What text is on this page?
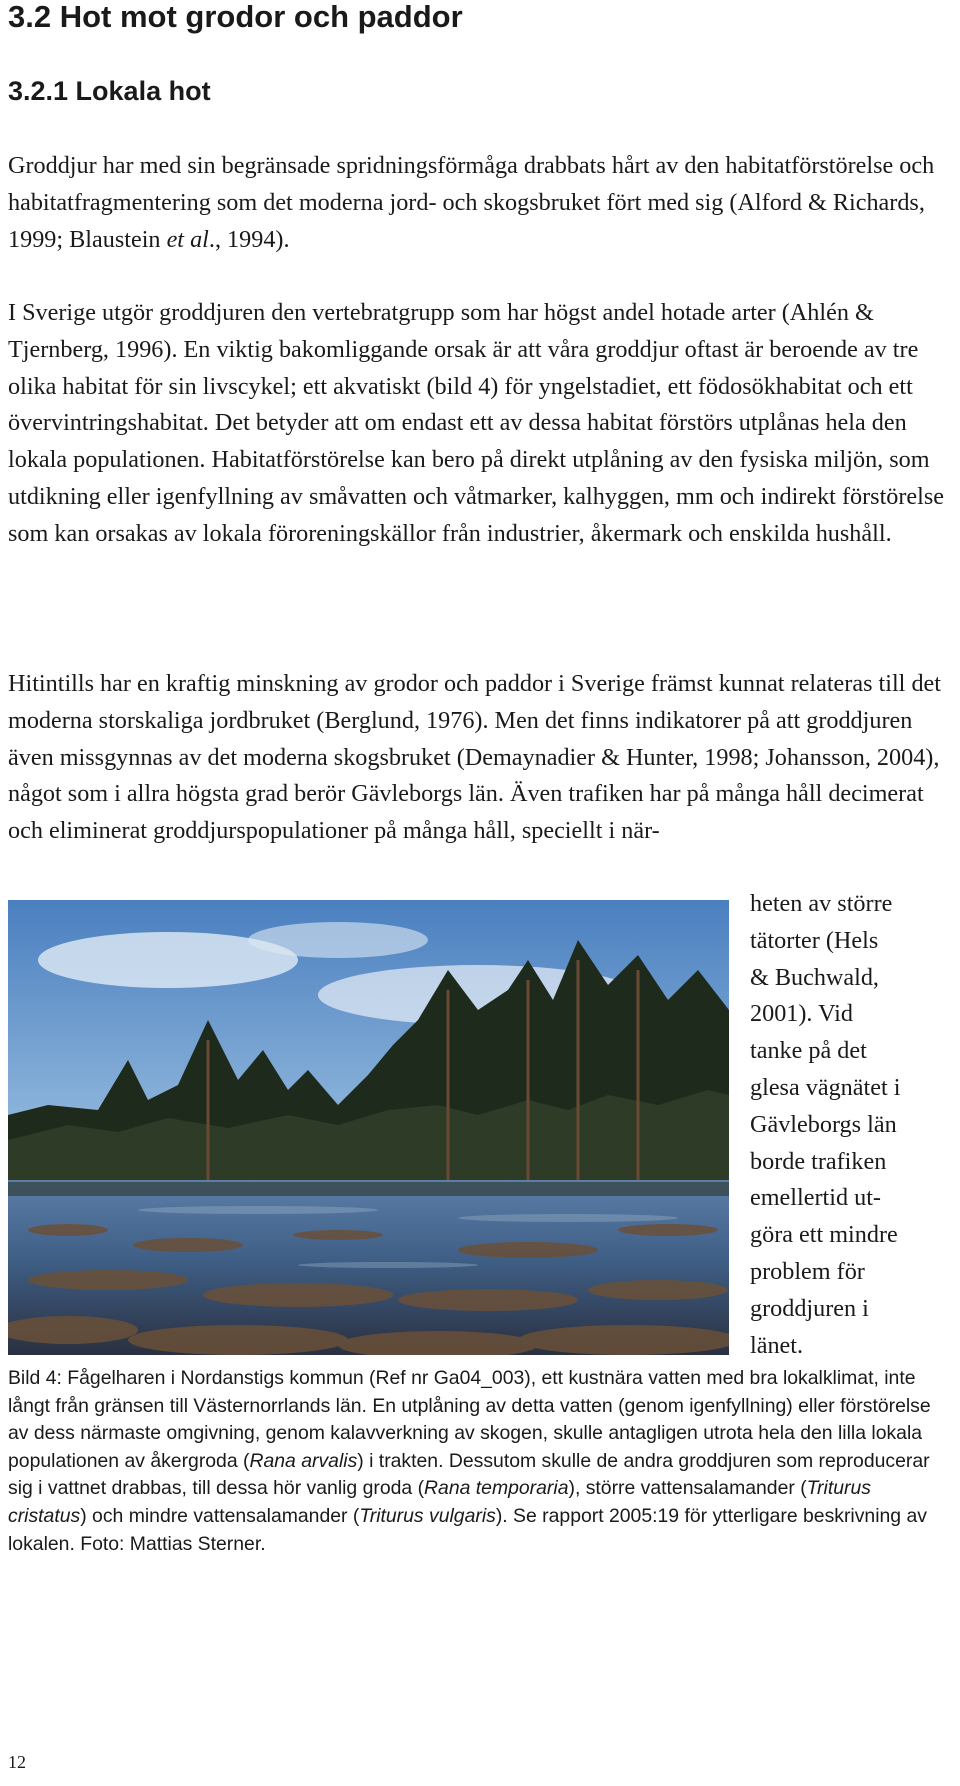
3.2 Hot mot grodor och paddor
3.2.1 Lokala hot

Groddjur har med sin begränsade spridningsförmåga drabbats hårt av den habitatförstörelse och habitatfragmentering som det moderna jord- och skogsbruket fört med sig (Alford & Richards, 1999; Blaustein et al., 1994).

I Sverige utgör groddjuren den vertebratgrupp som har högst andel hotade arter (Ahlén & Tjernberg, 1996). En viktig bakomliggande orsak är att våra groddjur oftast är beroende av tre olika habitat för sin livscykel; ett akvatiskt (bild 4) för yngelstadiet, ett födosökhabitat och ett övervintringshabitat. Det betyder att om endast ett av dessa habitat förstörs utplånas hela den lokala populationen. Habitatförstörelse kan bero på direkt utplåning av den fysiska miljön, som utdikning eller igenfyllning av småvatten och våtmarker, kalhyggen, mm och indirekt förstörelse som kan orsakas av lokala föroreningskällor från industrier, åkermark och enskilda hushåll.

Hitintills har en kraftig minskning av grodor och paddor i Sverige främst kunnat relateras till det moderna storskaliga jordbruket (Berglund, 1976). Men det finns indikatorer på att groddjuren även missgynnas av det moderna skogsbruket (Demaynadier & Hunter, 1998; Johansson, 2004), något som i allra högsta grad berör Gävleborgs län. Även trafiken har på många håll decimerat och eliminerat groddjurspopulationer på många håll, speciellt i när-

heten av större
tätorter (Hels
& Buchwald,
2001). Vid
tanke på det
glesa vägnätet i
Gävleborgs län
borde trafiken
emellertid ut-
göra ett mindre
problem för
groddjuren i
länet.

Bild 4: Fågelharen i Nordanstigs kommun (Ref nr Ga04_003), ett kustnära vatten med bra lokalklimat, inte långt från gränsen till Västernorrlands län. En utplåning av detta vatten (genom igenfyllning) eller förstörelse av dess närmaste omgivning, genom kalavverkning av skogen, skulle antagligen utrota hela den lilla lokala populationen av åkergroda (Rana arvalis) i trakten. Dessutom skulle de andra groddjuren som reproducerar sig i vattnet drabbas, till dessa hör vanlig groda (Rana temporaria), större vattensalamander (Triturus cristatus) och mindre vattensalamander (Triturus vulgaris). Se rapport 2005:19 för ytterligare beskrivning av lokalen. Foto: Mattias Sterner.

12
